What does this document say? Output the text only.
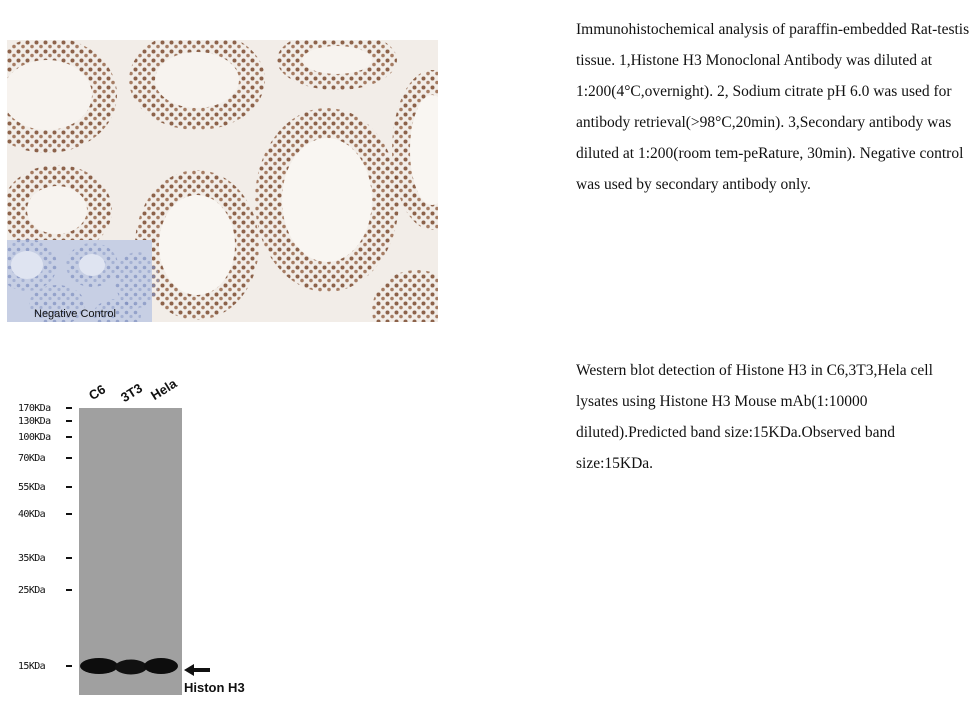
Negative Control
Immunohistochemical analysis of paraffin-embedded Rat-testis tissue. 1,Histone H3 Monoclonal Antibody was diluted at 1:200(4°C,overnight). 2, Sodium citrate pH 6.0 was used for antibody retrieval(>98°C,20min). 3,Secondary antibody was diluted at 1:200(room tem-peRature, 30min). Negative control was used by secondary antibody only.
C6 3T3 Hela
170KDa
130KDa
100KDa
70KDa
55KDa
40KDa
35KDa
25KDa
15KDa
Histon H3
Western blot detection of Histone H3 in C6,3T3,Hela cell lysates using Histone H3 Mouse mAb(1:10000 diluted).Predicted band size:15KDa.Observed band size:15KDa.
